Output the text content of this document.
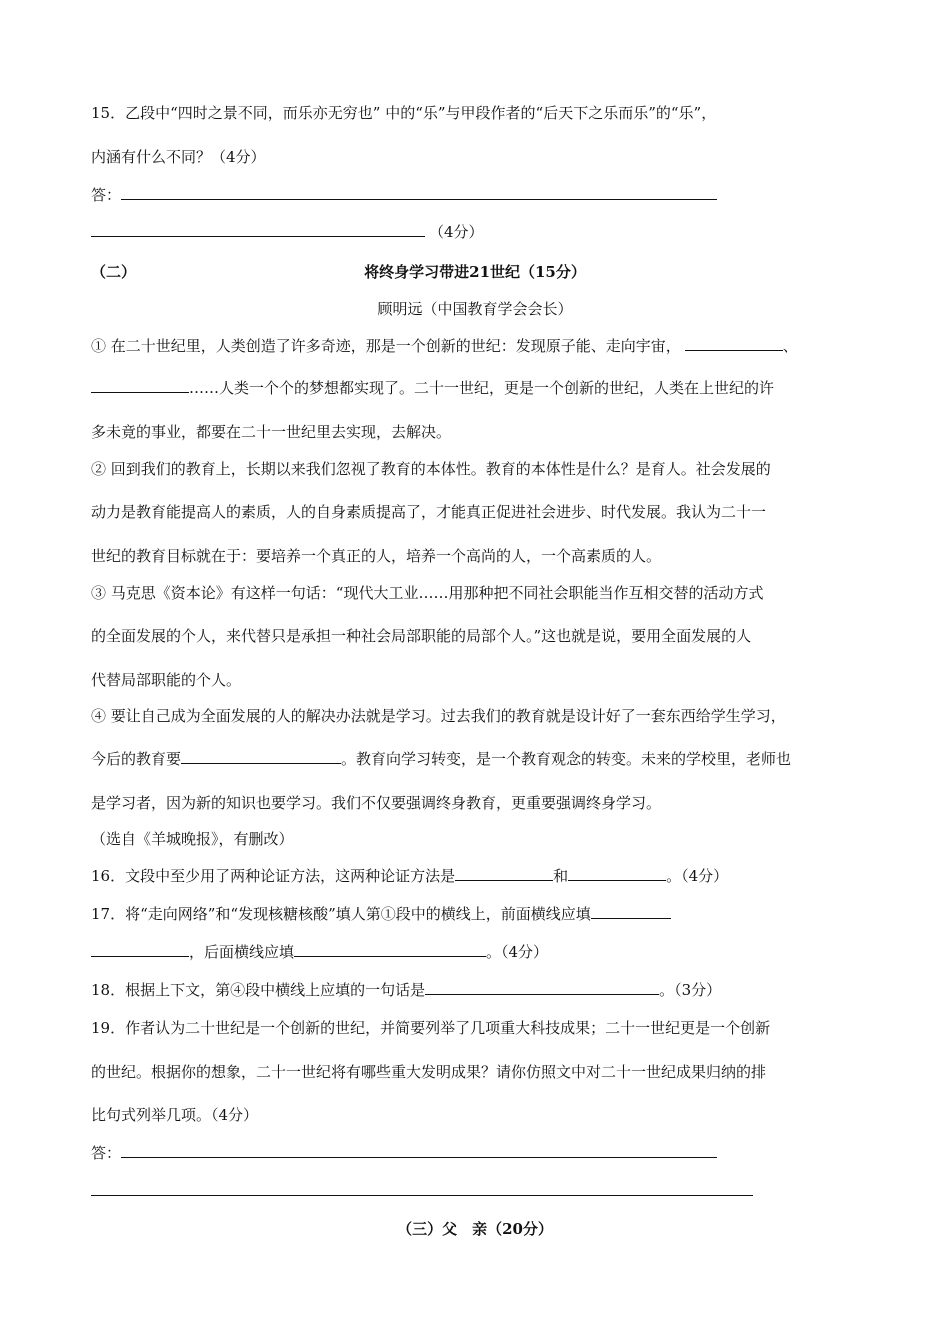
15．乙段中“四时之景不同，而乐亦无穷也” 中的“乐”与甲段作者的“后天下之乐而乐”的“乐”，
内涵有什么不同？（4分）
答：
（4分）
（二）	将终身学习带进21世纪（15分）
顾明远（中国教育学会会长）
① 在二十世纪里，人类创造了许多奇迹，那是一个创新的世纪：发现原子能、走向宇宙，	、
……人类一个个的梦想都实现了。二十一世纪，更是一个创新的世纪，人类在上世纪的许
多未竟的事业，都要在二十一世纪里去实现，去解决。
② 回到我们的教育上，长期以来我们忽视了教育的本体性。教育的本体性是什么？是育人。社会发展的
动力是教育能提高人的素质，人的自身素质提高了，才能真正促进社会进步、时代发展。我认为二十一
世纪的教育目标就在于：要培养一个真正的人，培养一个高尚的人，一个高素质的人。
③ 马克思《资本论》有这样一句话：“现代大工业……用那种把不同社会职能当作互相交替的活动方式
的全面发展的个人，来代替只是承担一种社会局部职能的局部个人。”这也就是说，要用全面发展的人
代替局部职能的个人。
④ 要让自己成为全面发展的人的解决办法就是学习。过去我们的教育就是设计好了一套东西给学生学习，
今后的教育要	。教育向学习转变，是一个教育观念的转变。未来的学校里，老师也
是学习者，因为新的知识也要学习。我们不仅要强调终身教育，更重要强调终身学习。
（选自《羊城晚报》，有删改）
16．文段中至少用了两种论证方法，这两种论证方法是	和	。（4分）
17．将“走向网络”和“发现核糖核酸”填人第①段中的横线上，前面横线应填
，后面横线应填	。（4分）
18．根据上下文，第④段中横线上应填的一句话是	。（3分）
19．作者认为二十世纪是一个创新的世纪，并简要列举了几项重大科技成果；二十一世纪更是一个创新
的世纪。根据你的想象，二十一世纪将有哪些重大发明成果？请你仿照文中对二十一世纪成果归纳的排
比句式列举几项。（4分）
答：
（三）父　亲（20分）
